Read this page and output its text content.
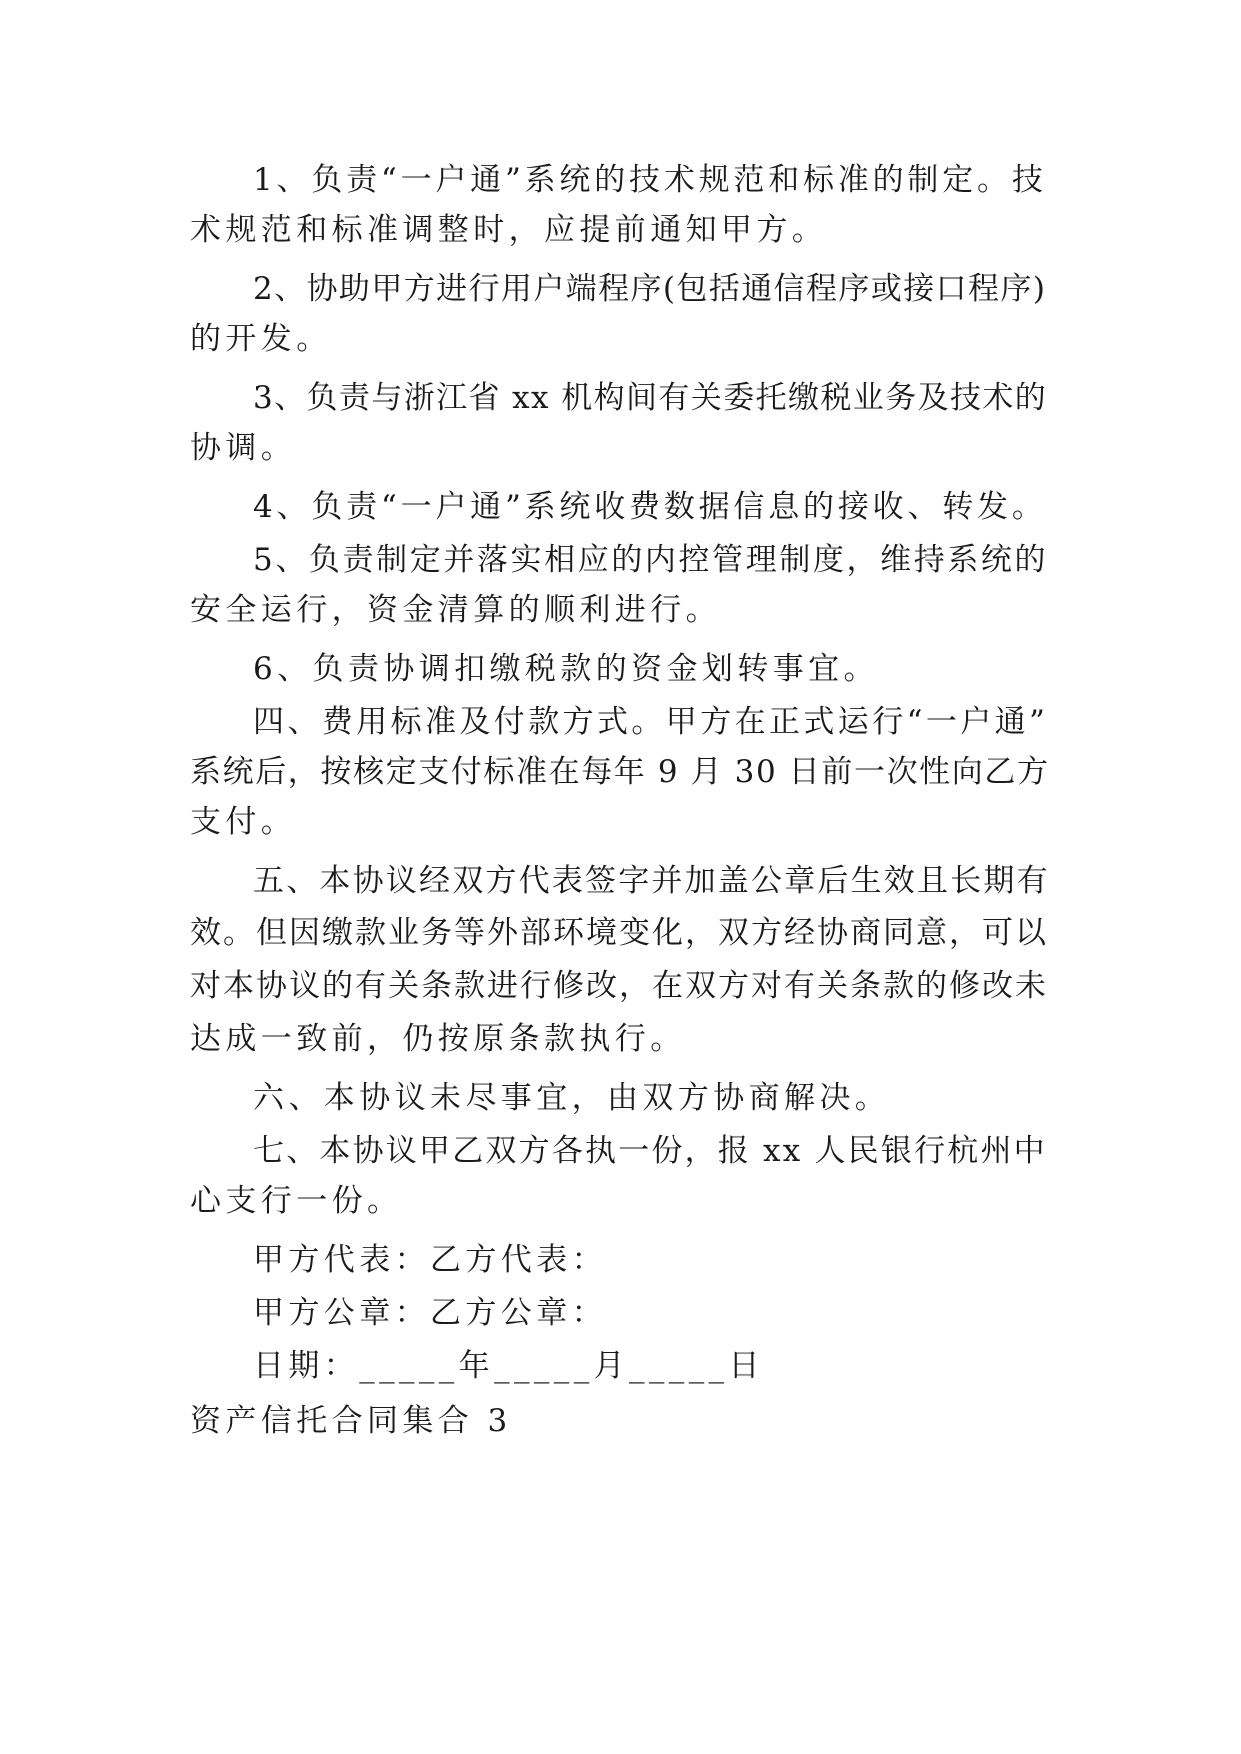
1、负责“一户通”系统的技术规范和标准的制定。技
术规范和标准调整时，应提前通知甲方。
2、协助甲方进行用户端程序(包括通信程序或接口程序)
的开发。
3、负责与浙江省 xx 机构间有关委托缴税业务及技术的
协调。
4、负责“一户通”系统收费数据信息的接收、转发。
5、负责制定并落实相应的内控管理制度，维持系统的
安全运行，资金清算的顺利进行。
6、负责协调扣缴税款的资金划转事宜。
四、费用标准及付款方式。甲方在正式运行“一户通”
系统后，按核定支付标准在每年 9 月 30 日前一次性向乙方
支付。
五、本协议经双方代表签字并加盖公章后生效且长期有
效。但因缴款业务等外部环境变化，双方经协商同意，可以
对本协议的有关条款进行修改，在双方对有关条款的修改未
达成一致前，仍按原条款执行。
六、本协议未尽事宜，由双方协商解决。
七、本协议甲乙双方各执一份，报 xx 人民银行杭州中
心支行一份。
甲方代表：乙方代表：
甲方公章：乙方公章：
日期：_____年_____月_____日
资产信托合同集合 3
